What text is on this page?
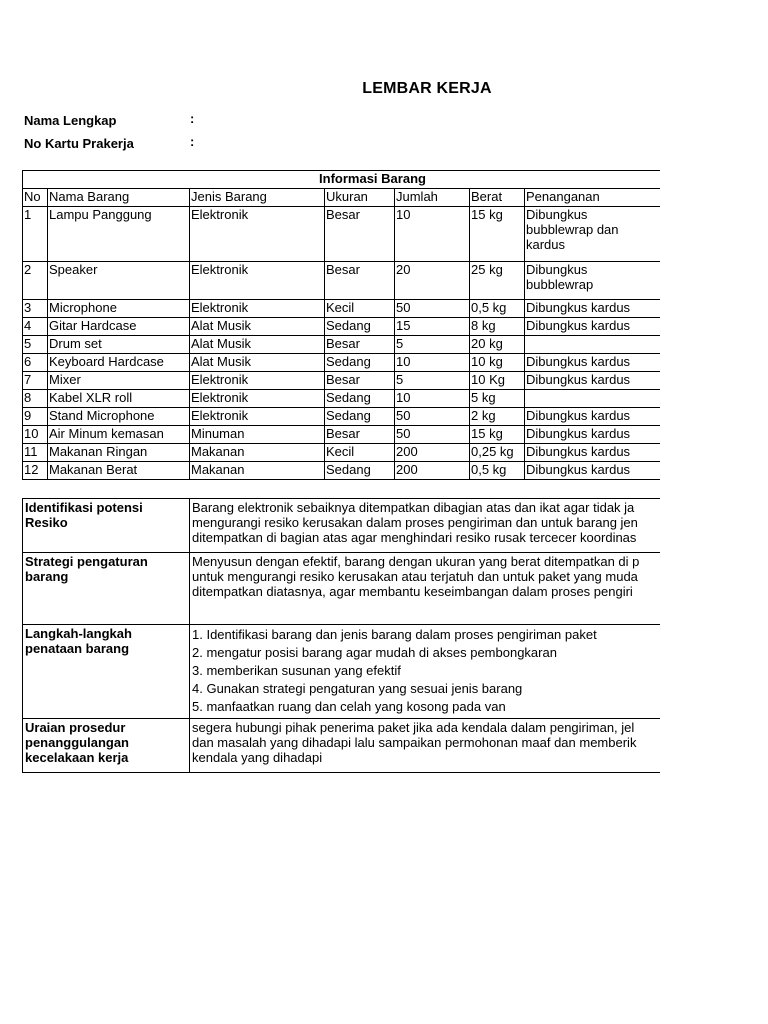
LEMBAR KERJA
Nama Lengkap	:
No Kartu Prakerja	:
Informasi Barang						
No	Nama Barang	Jenis Barang	Ukuran	Jumlah	Berat	Penanganan
1	Lampu Panggung	Elektronik	Besar	10	15 kg	Dibungkus bubblewrap dan kardus
2	Speaker	Elektronik	Besar	20	25 kg	Dibungkus bubblewrap
3	Microphone	Elektronik	Kecil	50	0,5 kg	Dibungkus kardus
4	Gitar Hardcase	Alat Musik	Sedang	15	8 kg	Dibungkus kardus
5	Drum set	Alat Musik	Besar	5	20 kg	
6	Keyboard Hardcase	Alat Musik	Sedang	10	10 kg	Dibungkus kardus
7	Mixer	Elektronik	Besar	5	10 Kg	Dibungkus kardus
8	Kabel XLR roll	Elektronik	Sedang	10	5 kg	
9	Stand Microphone	Elektronik	Sedang	50	2 kg	Dibungkus kardus
10	Air Minum kemasan	Minuman	Besar	50	15 kg	Dibungkus kardus
11	Makanan Ringan	Makanan	Kecil	200	0,25 kg	Dibungkus kardus
12	Makanan Berat	Makanan	Sedang	200	0,5 kg	Dibungkus kardus
Identifikasi potensi Resiko	Barang elektronik sebaiknya ditempatkan dibagian atas dan ikat agar tidak ja
mengurangi resiko kerusakan dalam proses pengiriman dan untuk barang jen
ditempatkan di bagian atas agar menghindari resiko rusak tercecer koordinas

Strategi pengaturan barang	Menyusun dengan efektif, barang dengan ukuran yang berat ditempatkan di p
untuk mengurangi resiko kerusakan atau terjatuh dan untuk paket yang muda
ditempatkan diatasnya, agar membantu keseimbangan dalam proses pengiri

Langkah-langkah penataan barang	1. Identifikasi barang dan jenis barang dalam proses pengiriman paket
2. mengatur posisi barang agar mudah di akses pembongkaran
3. memberikan susunan yang efektif
4. Gunakan strategi pengaturan yang sesuai jenis barang
5. manfaatkan ruang dan celah yang kosong pada van

Uraian prosedur penanggulangan kecelakaan kerja	segera hubungi pihak penerima paket jika ada kendala dalam pengiriman, jel
dan masalah yang dihadapi lalu sampaikan permohonan maaf dan memberik
kendala yang dihadapi
